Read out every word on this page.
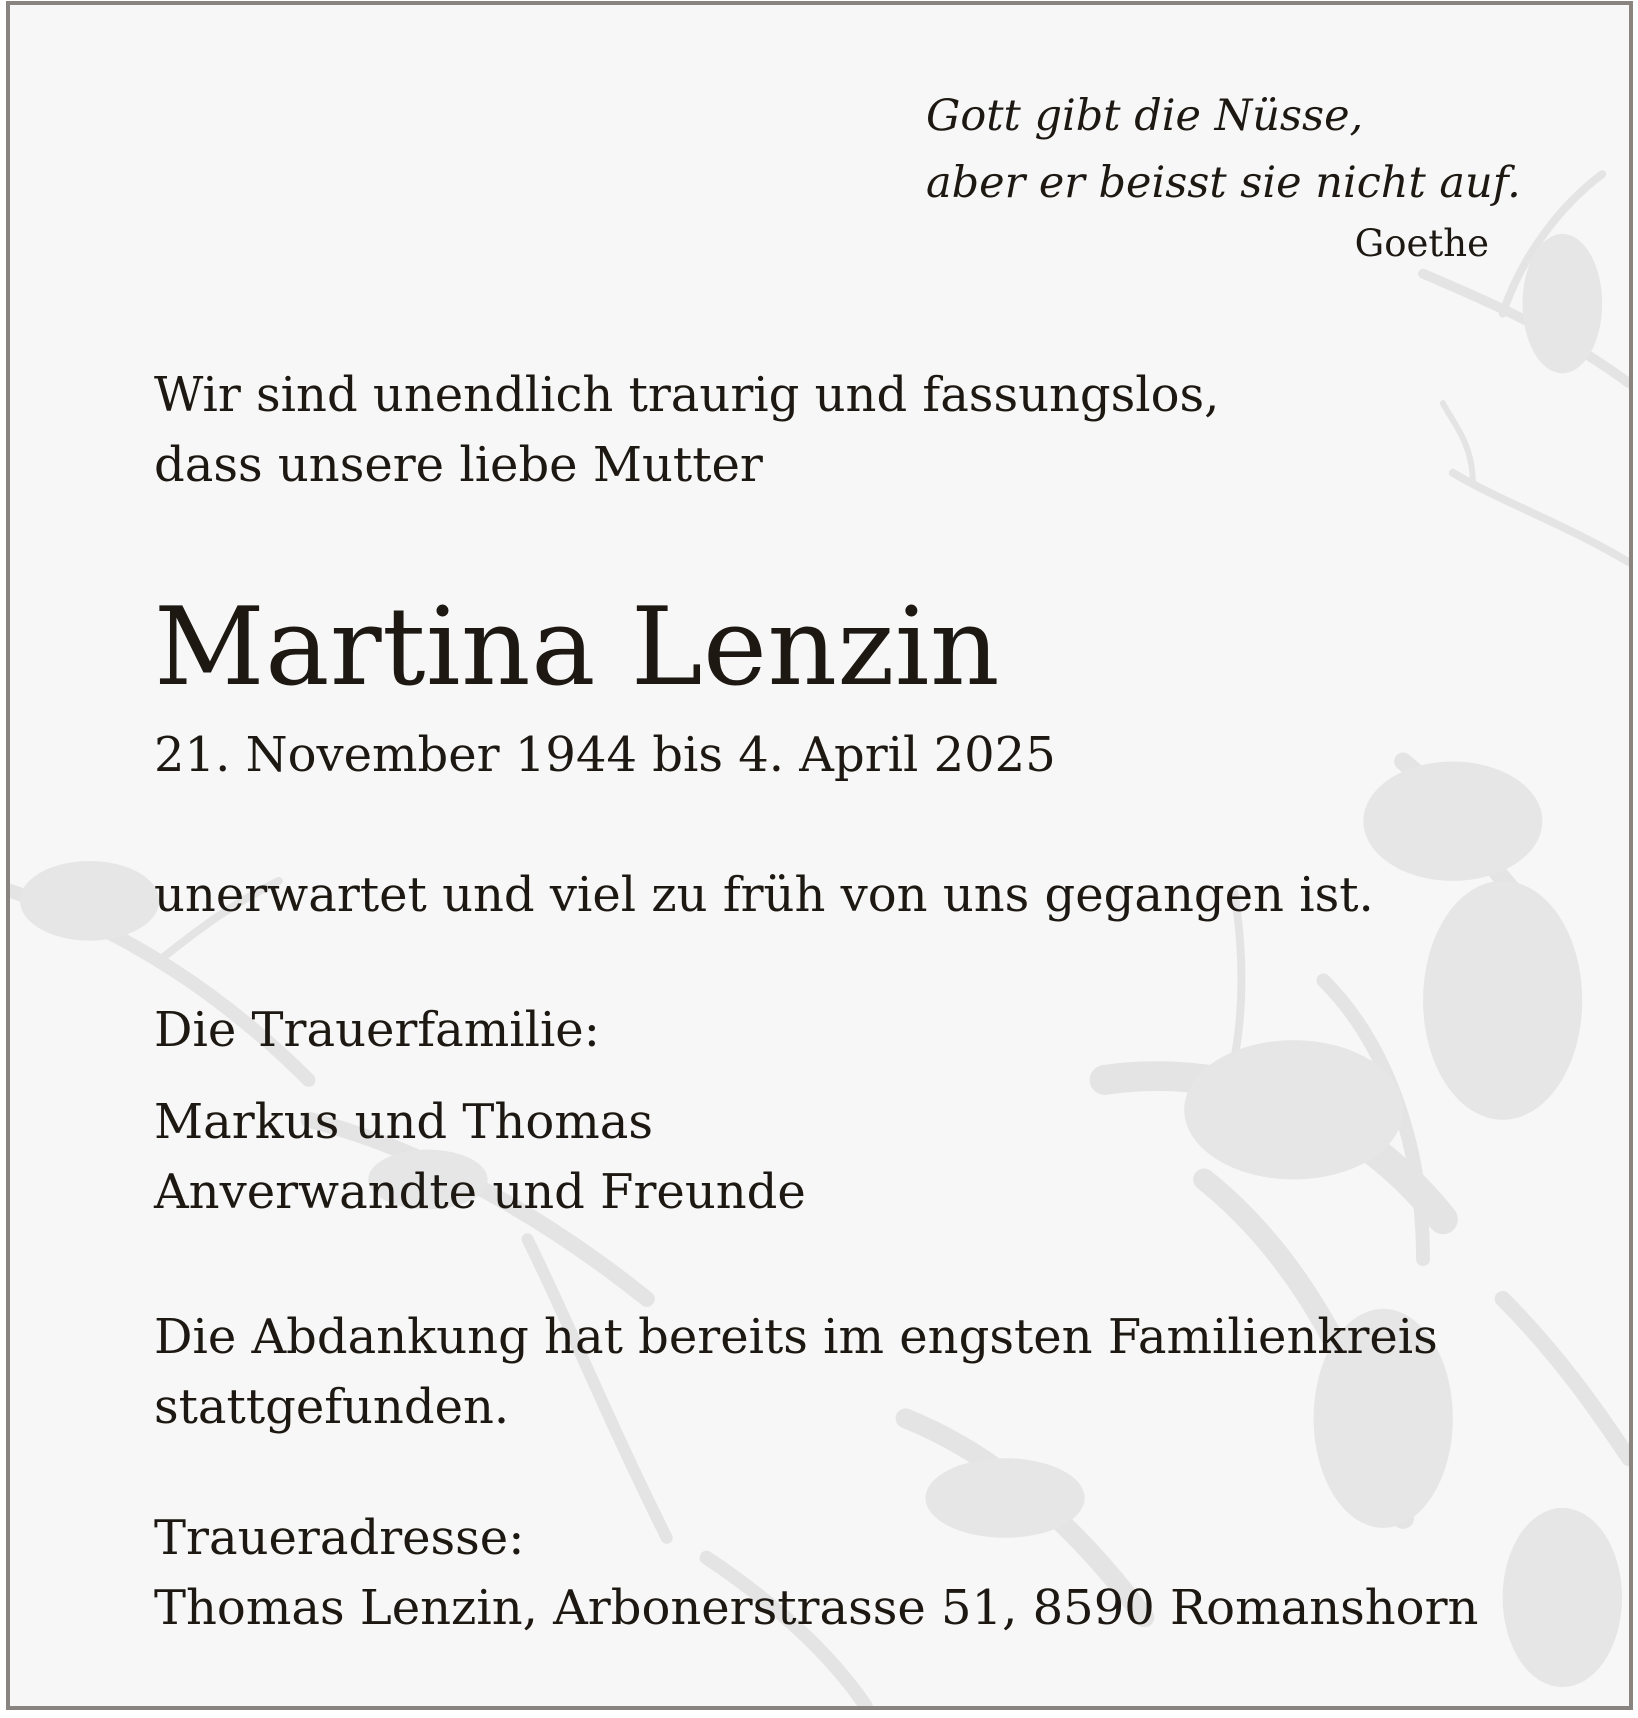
Gott gibt die Nüsse,
aber er beisst sie nicht auf.
Goethe
Wir sind unendlich traurig und fassungslos,
dass unsere liebe Mutter
Martina Lenzin
21. November 1944 bis 4. April 2025
unerwartet und viel zu früh von uns gegangen ist.
Die Trauerfamilie:
Markus und Thomas
Anverwandte und Freunde
Die Abdankung hat bereits im engsten Familienkreis
stattgefunden.
Traueradresse:
Thomas Lenzin, Arbonerstrasse 51, 8590 Romanshorn
